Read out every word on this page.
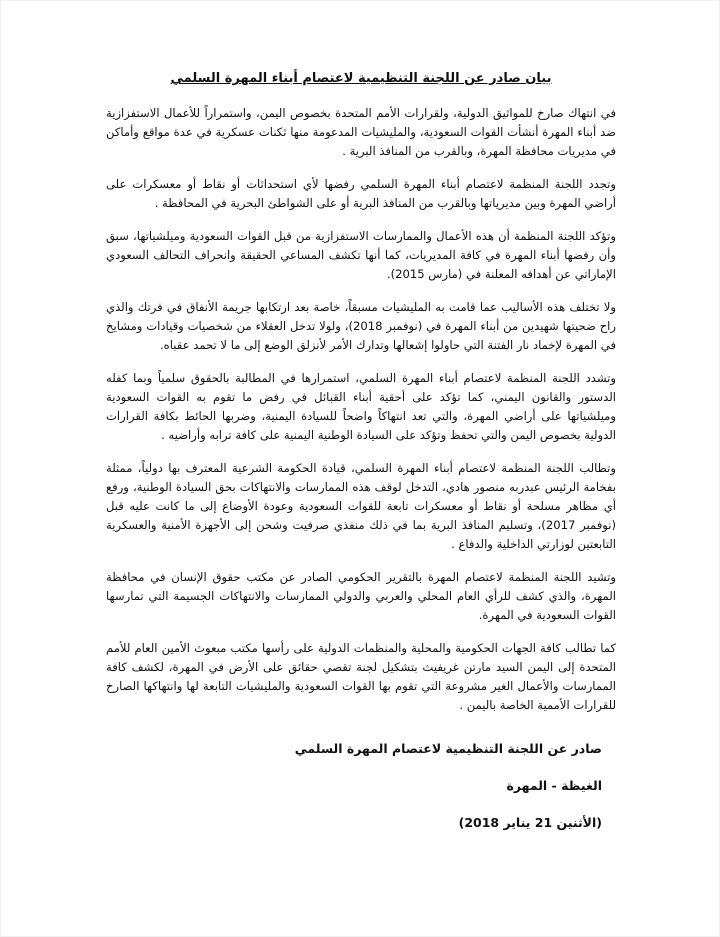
بيان صادر عن اللجنة التنظيمية لاعتصام أبناء المهرة السلمي
في انتهاك صارخ للمواثيق الدولية، ولقرارات الأمم المتحدة بخصوص اليمن، واستمراراً للأعمال الاستفزازية ضد أبناء المهرة أنشأت القوات السعودية، والمليشيات المدعومة منها ثكنات عسكرية في عدة مواقع وأماكن في مديريات محافظة المهرة، وبالقرب من المنافذ البرية .
وتجدد اللجنة المنظمة لاعتصام أبناء المهرة السلمي رفضها لأي استحداثات أو نقاط أو معسكرات على أراضي المهرة وبين مديرياتها وبالقرب من المنافذ البرية أو على الشواطئ البحرية في المحافظة .
وتؤكد اللجنة المنظمة أن هذه الأعمال والممارسات الاستفزازية من قبل القوات السعودية وميلشياتها، سبق وأن رفضها أبناء المهرة في كافة المديريات، كما أنها تكشف المساعي الحقيقة وانحراف التحالف السعودي الإماراتي عن أهدافه المعلنة في (مارس 2015).
ولا تختلف هذه الأساليب عما قامت به المليشيات مسبقاً، خاصة بعد ارتكابها جريمة الأنفاق في فرتك والذي راح ضحيتها شهيدين من أبناء المهرة في (نوفمبر 2018)، ولولا تدخل العقلاء من شخصيات وقيادات ومشايخ في المهرة لإخماد نار الفتنة التي حاولوا إشعالها وتدارك الأمر لأنزلق الوضع إلى ما لا تحمد عقباه.
وتشدد اللجنة المنظمة لاعتصام أبناء المهرة السلمي، استمرارها في المطالبة بالحقوق سلمياً وبما كفله الدستور والقانون اليمني، كما تؤكد على أحقية أبناء القبائل في رفض ما تقوم به القوات السعودية وميلشياتها على أراضي المهرة، والتي تعد انتهاكاً واضحاً للسيادة اليمنية، وضربها الحائط بكافة القرارات الدولية بخصوص اليمن والتي تحفظ وتؤكد على السيادة الوطنية اليمنية على كافة ترابه وأراضيه .
وتطالب اللجنة المنظمة لاعتصام أبناء المهرة السلمي، قيادة الحكومة الشرعية المعترف بها دولياً، ممثلة بفخامة الرئيس عبدربه منصور هادي، التدخل لوقف هذه الممارسات والانتهاكات بحق السيادة الوطنية، ورفع أي مظاهر مسلحة أو نقاط أو معسكرات تابعة للقوات السعودية وعودة الأوضاع إلى ما كانت عليه قبل (نوفمبر 2017)، وتسليم المنافذ البرية بما في ذلك منفذي صرفيت وشحن إلى الأجهزة الأمنية والعسكرية التابعتين لوزارتي الداخلية والدفاع .
وتشيد اللجنة المنظمة لاعتصام المهرة بالتقرير الحكومي الصادر عن مكتب حقوق الإنسان في محافظة المهرة، والذي كشف للرأي العام المحلي والعربي والدولي الممارسات والانتهاكات الجسيمة التي تمارسها القوات السعودية في المهرة.
كما تطالب كافة الجهات الحكومية والمحلية والمنظمات الدولية على رأسها مكتب مبعوث الأمين العام للأمم المتحدة إلى اليمن السيد مارتن غريفيث بتشكيل لجنة تقصي حقائق على الأرض في المهرة، لكشف كافة الممارسات والأعمال الغير مشروعة التي تقوم بها القوات السعودية والمليشيات التابعة لها وانتهاكها الصارخ للقرارات الأممية الخاصة باليمن .
صادر عن اللجنة التنظيمية لاعتصام المهرة السلمي
الغيظة - المهرة
(الأثنين 21 يناير 2018)
